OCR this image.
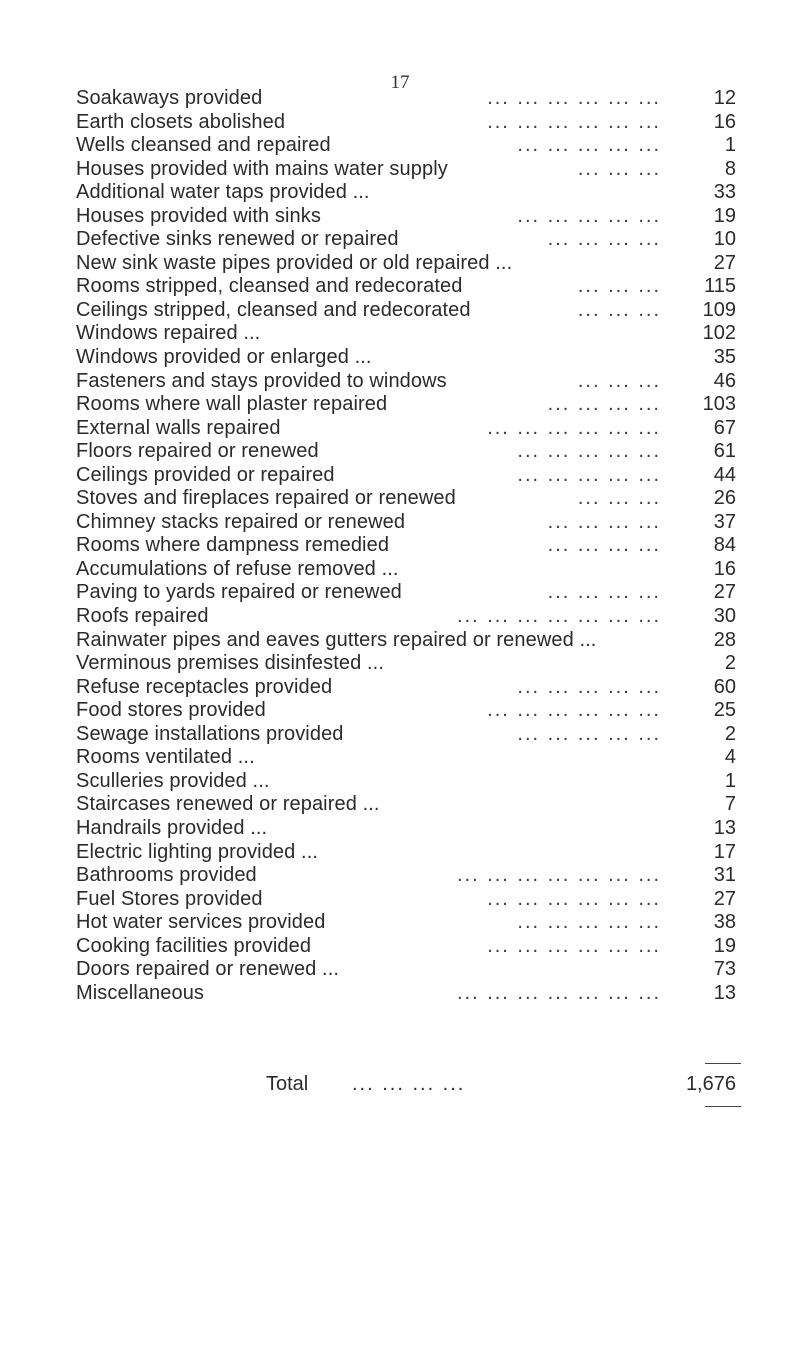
17
Soakaways provided	12
... ... ... ... ... ...
Earth closets abolished	16
... ... ... ... ... ...
Wells cleansed and repaired	1
... ... ... ... ...
Houses provided with mains water supply	8
... ... ...
Additional water taps provided ...	33
Houses provided with sinks	19
... ... ... ... ...
Defective sinks renewed or repaired	10
... ... ... ...
New sink waste pipes provided or old repaired ...	27
Rooms stripped, cleansed and redecorated	115
... ... ...
Ceilings stripped, cleansed and redecorated	109
... ... ...
Windows repaired ...	102
Windows provided or enlarged ...	35
Fasteners and stays provided to windows	46
... ... ...
Rooms where wall plaster repaired	103
... ... ... ...
External walls repaired	67
... ... ... ... ... ...
Floors repaired or renewed	61
... ... ... ... ...
Ceilings provided or repaired	44
... ... ... ... ...
Stoves and fireplaces repaired or renewed	26
... ... ...
Chimney stacks repaired or renewed	37
... ... ... ...
Rooms where dampness remedied	84
... ... ... ...
Accumulations of refuse removed ...	16
Paving to yards repaired or renewed	27
... ... ... ...
Roofs repaired	30
... ... ... ... ... ... ...
Rainwater pipes and eaves gutters repaired or renewed ...	28
Verminous premises disinfested ...	2
Refuse receptacles provided	60
... ... ... ... ...
Food stores provided	25
... ... ... ... ... ...
Sewage installations provided	2
... ... ... ... ...
Rooms ventilated ...	4
Sculleries provided ...	1
Staircases renewed or repaired ...	7
Handrails provided ...	13
Electric lighting provided ...	17
Bathrooms provided	31
... ... ... ... ... ... ...
Fuel Stores provided	27
... ... ... ... ... ...
Hot water services provided	38
... ... ... ... ...
Cooking facilities provided	19
... ... ... ... ... ...
Doors repaired or renewed ...	73
Miscellaneous	13
... ... ... ... ... ... ...
Total ... ... ... ...	1,676
